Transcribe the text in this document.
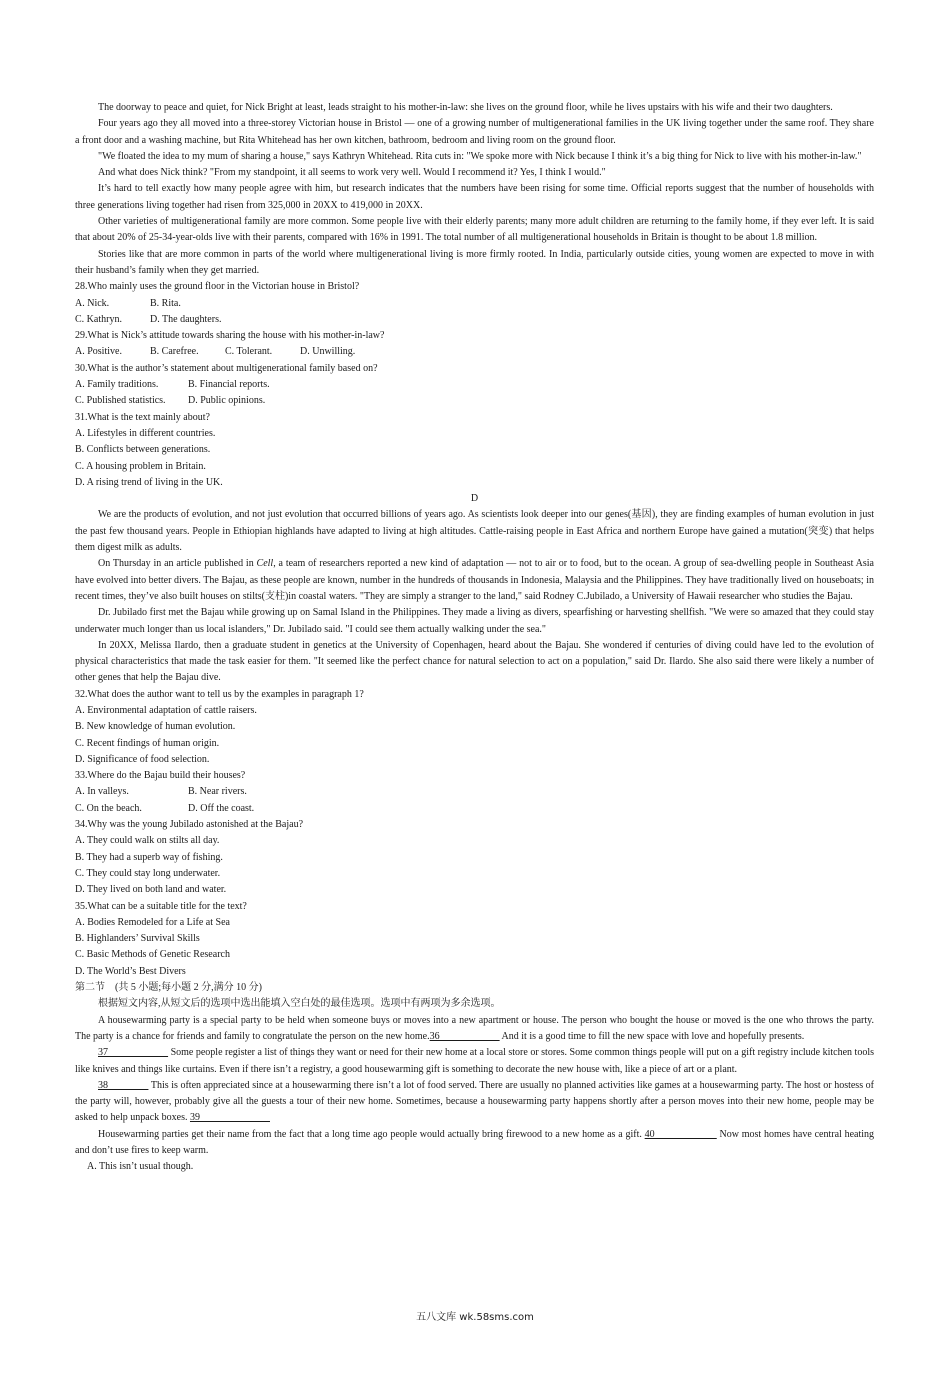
The doorway to peace and quiet, for Nick Bright at least, leads straight to his mother-in-law: she lives on the ground floor, while he lives upstairs with his wife and their two daughters.

Four years ago they all moved into a three-storey Victorian house in Bristol — one of a growing number of multigenerational families in the UK living together under the same roof. They share a front door and a washing machine, but Rita Whitehead has her own kitchen, bathroom, bedroom and living room on the ground floor.

"We floated the idea to my mum of sharing a house," says Kathryn Whitehead. Rita cuts in: "We spoke more with Nick because I think it’s a big thing for Nick to live with his mother-in-law."

And what does Nick think? "From my standpoint, it all seems to work very well. Would I recommend it? Yes, I think I would."

It’s hard to tell exactly how many people agree with him, but research indicates that the numbers have been rising for some time. Official reports suggest that the number of households with three generations living together had risen from 325,000 in 20XX to 419,000 in 20XX.

Other varieties of multigenerational family are more common. Some people live with their elderly parents; many more adult children are returning to the family home, if they ever left. It is said that about 20% of 25-34-year-olds live with their parents, compared with 16% in 1991. The total number of all multigenerational households in Britain is thought to be about 1.8 million.

Stories like that are more common in parts of the world where multigenerational living is more firmly rooted. In India, particularly outside cities, young women are expected to move in with their husband’s family when they get married.

28.Who mainly uses the ground floor in the Victorian house in Bristol?

A. Nick.	B. Rita.

C. Kathryn.	D. The daughters.

29.What is Nick’s attitude towards sharing the house with his mother-in-law?

A. Positive.	B. Carefree.	C. Tolerant.	D. Unwilling.

30.What is the author’s statement about multigenerational family based on?

A. Family traditions.	B. Financial reports.

C. Published statistics. D. Public opinions.

31.What is the text mainly about?

A. Lifestyles in different countries.

B. Conflicts between generations.

C. A housing problem in Britain.

D. A rising trend of living in the UK.

D

We are the products of evolution, and not just evolution that occurred billions of years ago. As scientists look deeper into our genes(基因), they are finding examples of human evolution in just the past few thousand years. People in Ethiopian highlands have adapted to living at high altitudes. Cattle-raising people in East Africa and northern Europe have gained a mutation(突变) that helps them digest milk as adults.

On Thursday in an article published in Cell, a team of researchers reported a new kind of adaptation — not to air or to food, but to the ocean. A group of sea-dwelling people in Southeast Asia have evolved into better divers. The Bajau, as these people are known, number in the hundreds of thousands in Indonesia, Malaysia and the Philippines. They have traditionally lived on houseboats; in recent times, they’ve also built houses on stilts(支柱)in coastal waters. "They are simply a stranger to the land," said Rodney C.Jubilado, a University of Hawaii researcher who studies the Bajau.

Dr. Jubilado first met the Bajau while growing up on Samal Island in the Philippines. They made a living as divers, spearfishing or harvesting shellfish. "We were so amazed that they could stay underwater much longer than us local islanders," Dr. Jubilado said. "I could see them actually walking under the sea."

In 20XX, Melissa Ilardo, then a graduate student in genetics at the University of Copenhagen, heard about the Bajau. She wondered if centuries of diving could have led to the evolution of physical characteristics that made the task easier for them. "It seemed like the perfect chance for natural selection to act on a population," said Dr. Ilardo. She also said there were likely a number of other genes that help the Bajau dive.

32.What does the author want to tell us by the examples in paragraph 1?

A. Environmental adaptation of cattle raisers.

B. New knowledge of human evolution.

C. Recent findings of human origin.

D. Significance of food selection.

33.Where do the Bajau build their houses?

A. In valleys.	B. Near rivers.

C. On the beach.	D. Off the coast.

34.Why was the young Jubilado astonished at the Bajau?

A. They could walk on stilts all day.

B. They had a superb way of fishing.

C. They could stay long underwater.

D. They lived on both land and water.

35.What can be a suitable title for the text?

A. Bodies Remodeled for a Life at Sea

B. Highlanders’ Survival Skills

C. Basic Methods of Genetic Research

D. The World’s Best Divers

第二节　(共 5 小题;每小题 2 分,满分 10 分)

根据短文内容,从短文后的选项中选出能填入空白处的最佳选项。选项中有两项为多余选项。

A housewarming party is a special party to be held when someone buys or moves into a new apartment or house. The person who bought the house or moved is the one who throws the party. The party is a chance for friends and family to congratulate the person on the new home.36　　　　　　 And it is a good time to fill the new space with love and hopefully presents.

37　　　　　　 Some people register a list of things they want or need for their new home at a local store or stores. Some common things people will put on a gift registry include kitchen tools like knives and things like curtains. Even if there isn’t a registry, a good housewarming gift is something to decorate the new house with, like a piece of art or a plant.

38　　　　 This is often appreciated since at a housewarming there isn’t a lot of food served. There are usually no planned activities like games at a housewarming party. The host or hostess of the party will, however, probably give all the guests a tour of their new home. Sometimes, because a housewarming party happens shortly after a person moves into their new home, people may be asked to help unpack boxes. 39　　　　　　　

Housewarming parties get their name from the fact that a long time ago people would actually bring firewood to a new home as a gift. 40　　　　　　 Now most homes have central heating and don’t use fires to keep warm.

A. This isn’t usual though.

五八文库 wk.58sms.com
